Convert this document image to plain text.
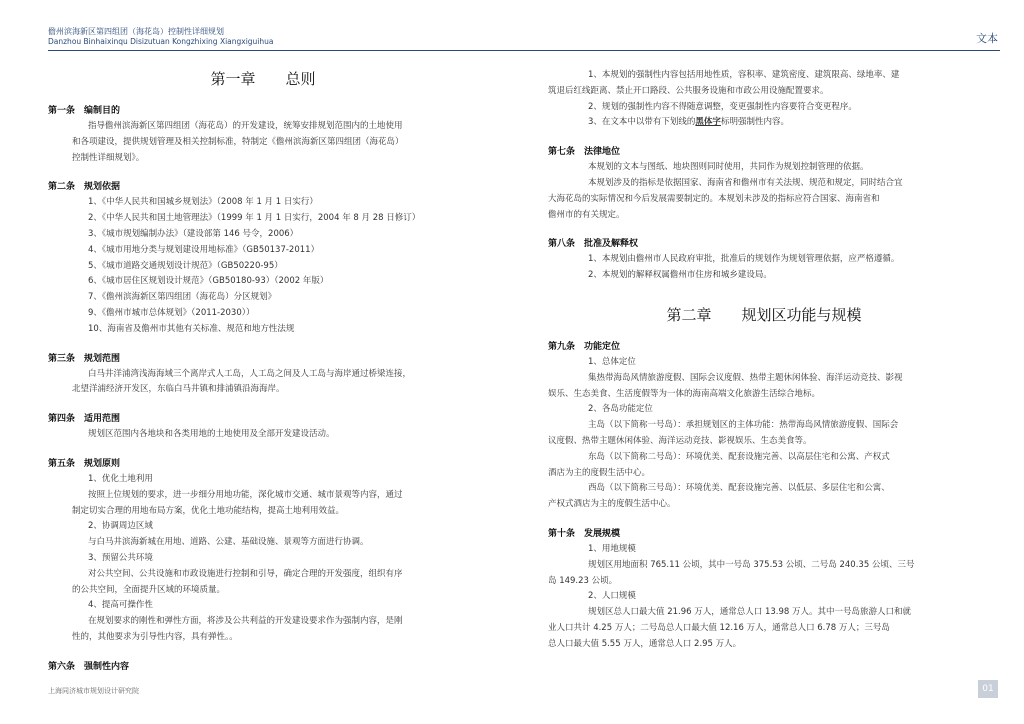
儋州滨海新区第四组团（海花岛）控制性详细规划
Danzhou Binhaixinqu Disizutuan Kongzhixing Xiangxiguihua	文本
第一章　　总则
第一条　编制目的
指导儋州滨海新区第四组团（海花岛）的开发建设，统筹安排规划范围内的土地使用
和各项建设，提供规划管理及相关控制标准，特制定《儋州滨海新区第四组团（海花岛）
控制性详细规划》。
第二条　规划依据
1、《中华人民共和国城乡规划法》（2008 年 1 月 1 日实行）
2、《中华人民共和国土地管理法》（1999 年 1 月 1 日实行，2004 年 8 月 28 日修订）
3、《城市规划编制办法》（建设部第 146 号令，2006）
4、《城市用地分类与规划建设用地标准》（GB50137-2011）
5、《城市道路交通规划设计规范》（GB50220-95）
6、《城市居住区规划设计规范》（GB50180-93）（2002 年版）
7、《儋州滨海新区第四组团（海花岛）分区规划》
9、《儋州市城市总体规划》（2011-2030））
10、海南省及儋州市其他有关标准、规范和地方性法规
第三条　规划范围
白马井洋浦湾浅海海域三个离岸式人工岛，人工岛之间及人工岛与海岸通过桥梁连接，
北望洋浦经济开发区，东临白马井镇和排浦镇沿海海岸。
第四条　适用范围
规划区范围内各地块和各类用地的土地使用及全部开发建设活动。
第五条　规划原则
1、优化土地利用
按照上位规划的要求，进一步细分用地功能，深化城市交通、城市景观等内容，通过
制定切实合理的用地布局方案，优化土地功能结构，提高土地利用效益。
2、协调周边区域
与白马井滨海新城在用地、道路、公建、基础设施、景观等方面进行协调。
3、预留公共环境
对公共空间、公共设施和市政设施进行控制和引导，确定合理的开发强度，组织有序
的公共空间，全面提升区域的环境质量。
4、提高可操作性
在规划要求的刚性和弹性方面，将涉及公共利益的开发建设要求作为强制内容，是刚
性的，其他要求为引导性内容，具有弹性。。
第六条　强制性内容
1、本规划的强制性内容包括用地性质，容积率、建筑密度、建筑限高、绿地率、建
筑退后红线距离、禁止开口路段、公共服务设施和市政公用设施配置要求。
2、规划的强制性内容不得随意调整，变更强制性内容要符合变更程序。
3、在文本中以带有下划线的黑体字标明强制性内容。
第七条　法律地位
本规划的文本与图纸、地块图则同时使用，共同作为规划控制管理的依据。
本规划涉及的指标是依据国家、海南省和儋州市有关法规、规范和规定，同时结合宜
大海花岛的实际情况和今后发展需要制定的。本规划未涉及的指标应符合国家、海南省和
儋州市的有关规定。
第八条　批准及解释权
1、本规划由儋州市人民政府审批，批准后的规划作为规划管理依据，应严格遵循。
2、本规划的解释权属儋州市住房和城乡建设局。
第二章　　规划区功能与规模
第九条　功能定位
1、总体定位
集热带海岛风情旅游度假、国际会议度假、热带主题休闲体验、海洋运动竞技、影视
娱乐、生态美食、生活度假等为一体的海南高端文化旅游生活综合地标。
2、各岛功能定位
主岛（以下简称一号岛）：承担规划区的主体功能：热带海岛风情旅游度假、国际会
议度假、热带主题休闲体验、海洋运动竞技、影视娱乐、生态美食等。
东岛（以下简称二号岛）：环境优美、配套设施完善、以高层住宅和公寓、产权式
酒店为主的度假生活中心。
西岛（以下简称三号岛）：环境优美、配套设施完善、以低层、多层住宅和公寓、
产权式酒店为主的度假生活中心。
第十条　发展规模
1、用地规模
规划区用地面积 765.11 公顷，其中一号岛 375.53 公顷、二号岛 240.35 公顷、三号
岛 149.23 公顷。
2、人口规模
规划区总人口最大值 21.96 万人，通常总人口 13.98 万人。其中一号岛旅游人口和就
业人口共计 4.25 万人；二号岛总人口最大值 12.16 万人，通常总人口 6.78 万人；三号岛
总人口最大值 5.55 万人，通常总人口 2.95 万人。
上海同济城市规划设计研究院	01
